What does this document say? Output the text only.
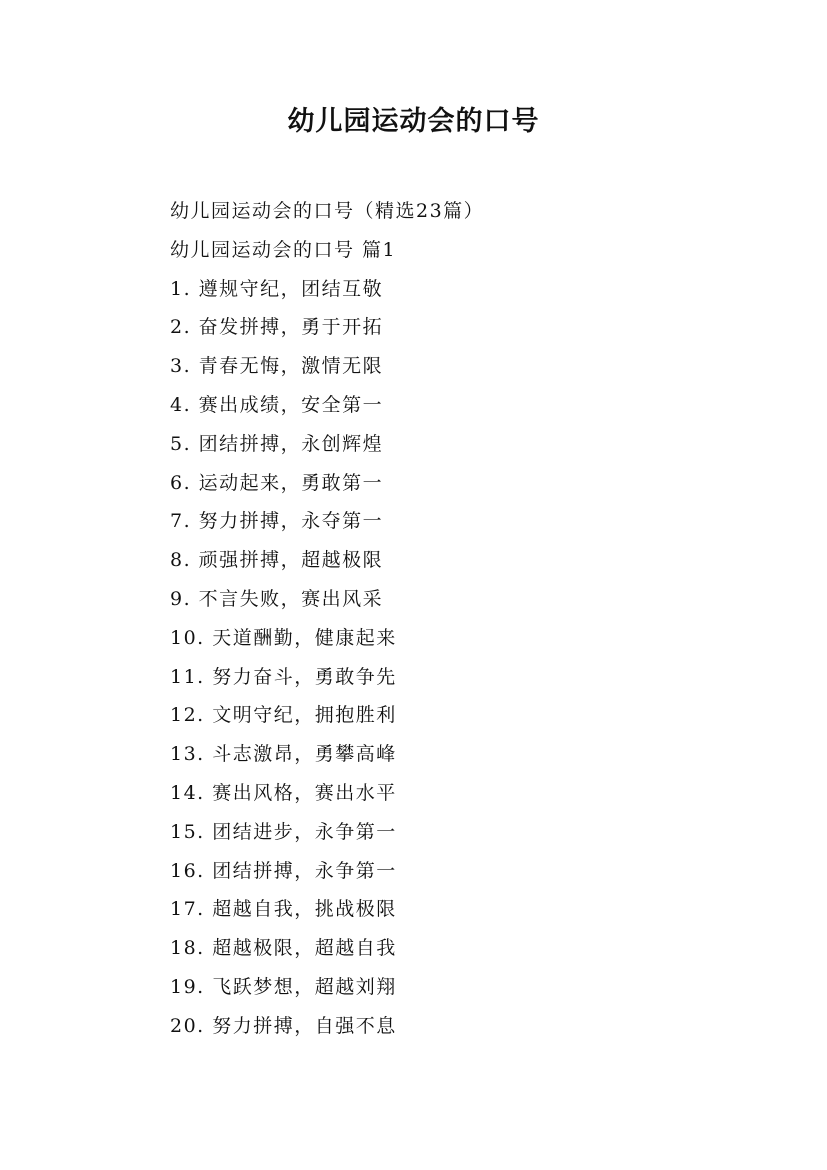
幼儿园运动会的口号

幼儿园运动会的口号（精选23篇）

幼儿园运动会的口号 篇1

1. 遵规守纪，团结互敬

2. 奋发拼搏，勇于开拓

3. 青春无悔，激情无限

4. 赛出成绩，安全第一

5. 团结拼搏，永创辉煌

6. 运动起来，勇敢第一

7. 努力拼搏，永夺第一

8. 顽强拼搏，超越极限

9. 不言失败，赛出风采

10. 天道酬勤，健康起来

11. 努力奋斗，勇敢争先

12. 文明守纪，拥抱胜利

13. 斗志激昂，勇攀高峰

14. 赛出风格，赛出水平

15. 团结进步，永争第一

16. 团结拼搏，永争第一

17. 超越自我，挑战极限

18. 超越极限，超越自我

19. 飞跃梦想，超越刘翔

20. 努力拼搏，自强不息
